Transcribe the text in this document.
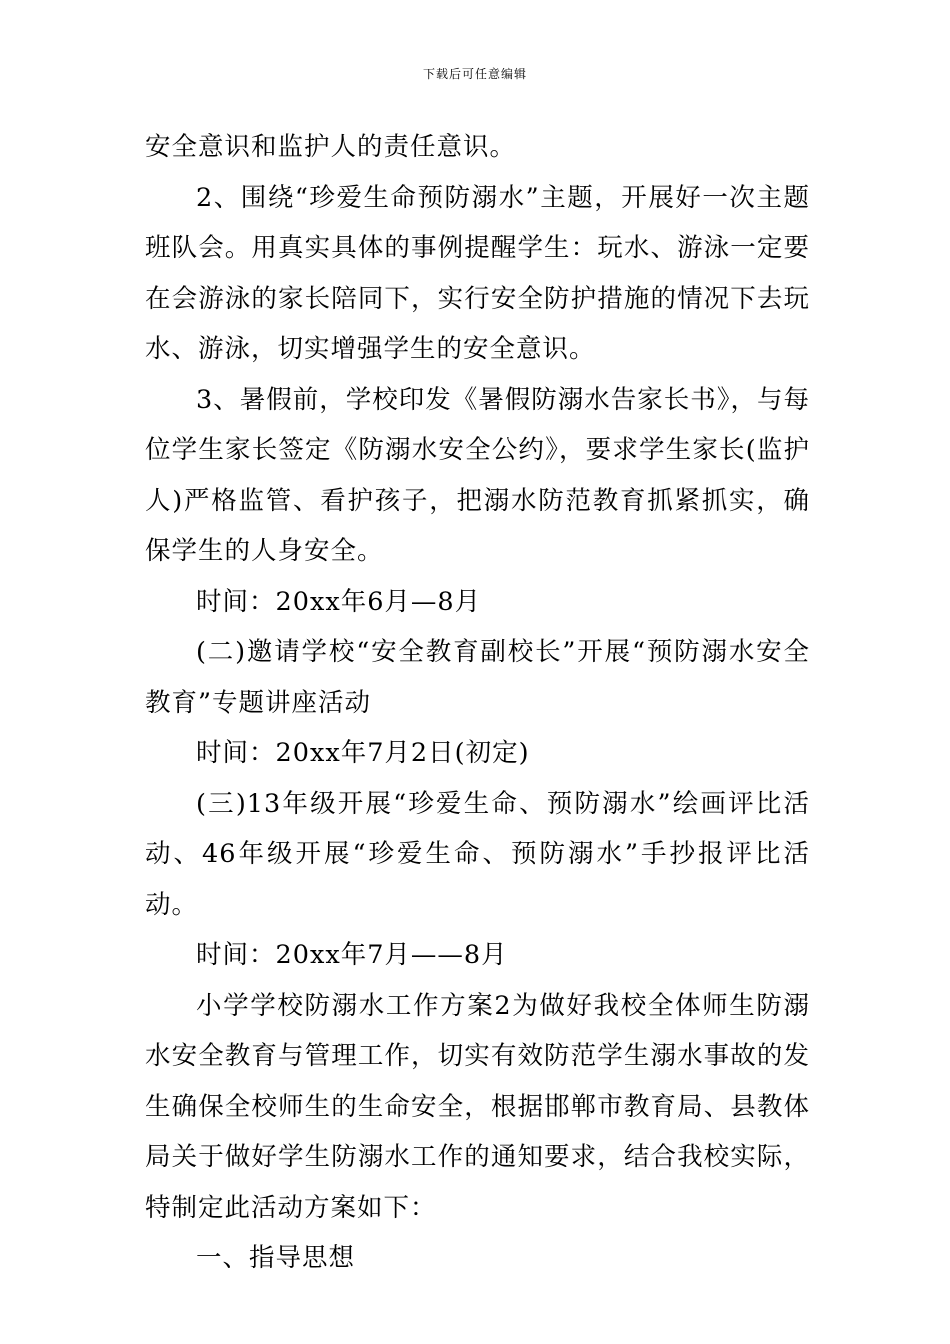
下载后可任意编辑

安全意识和监护人的责任意识。

2、围绕“珍爱生命预防溺水”主题，开展好一次主题班队会。用真实具体的事例提醒学生：玩水、游泳一定要在会游泳的家长陪同下，实行安全防护措施的情况下去玩水、游泳，切实增强学生的安全意识。

3、暑假前，学校印发《暑假防溺水告家长书》，与每位学生家长签定《防溺水安全公约》，要求学生家长(监护人)严格监管、看护孩子，把溺水防范教育抓紧抓实，确保学生的人身安全。

时间：20xx年6月—8月

(二)邀请学校“安全教育副校长”开展“预防溺水安全教育”专题讲座活动

时间：20xx年7月2日(初定)

(三)13年级开展“珍爱生命、预防溺水”绘画评比活动、46年级开展“珍爱生命、预防溺水”手抄报评比活动。

时间：20xx年7月——8月

小学学校防溺水工作方案2为做好我校全体师生防溺水安全教育与管理工作，切实有效防范学生溺水事故的发生确保全校师生的生命安全，根据邯郸市教育局、县教体局关于做好学生防溺水工作的通知要求，结合我校实际，特制定此活动方案如下：

一、指导思想
